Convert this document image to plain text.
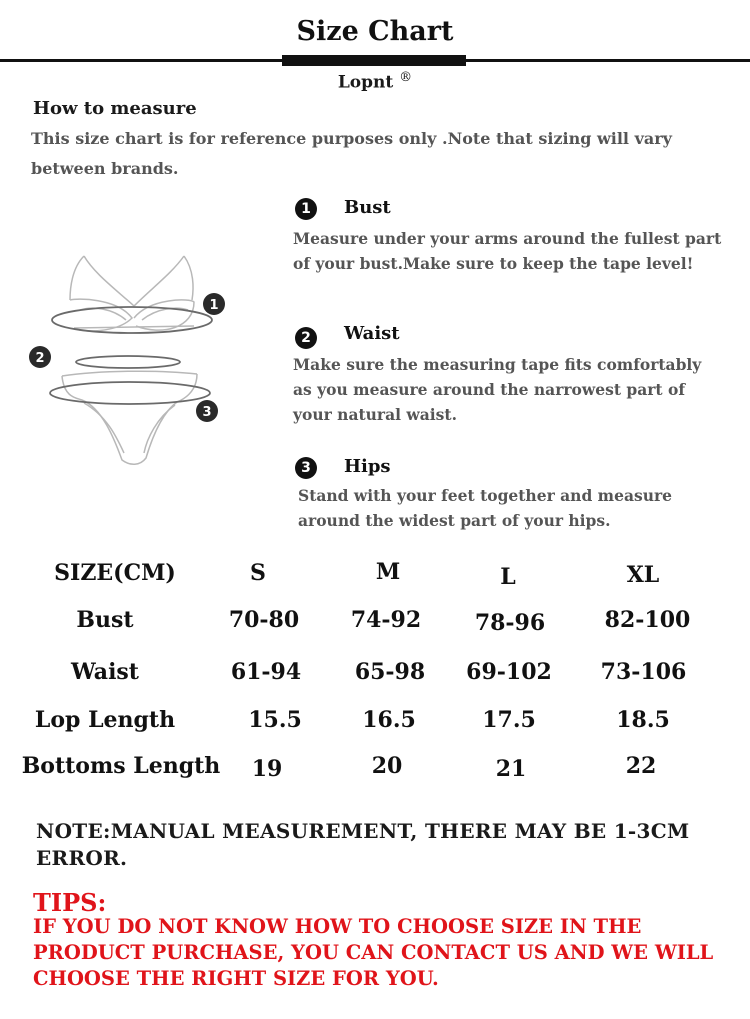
Size Chart
Lopnt ®
How to measure
This size chart is for reference purposes only .Note that sizing will vary between brands.
1
2
3
1	Bust
Measure under your arms around the fullest part of your bust.Make sure to keep the tape level!
2	Waist
Make sure the measuring tape fits comfortably as you measure around the narrowest part of your natural waist.
3	Hips
Stand with your feet together and measure around the widest part of your hips.
SIZE(CM)	S	M	L	XL
Bust	70-80	74-92	78-96	82-100
Waist	61-94	65-98	69-102	73-106
Lop Length	15.5	16.5	17.5	18.5
Bottoms Length	19	20	21	22
NOTE:MANUAL MEASUREMENT, THERE MAY BE 1-3CM ERROR.
TIPS:
IF YOU DO NOT KNOW HOW TO CHOOSE SIZE IN THE PRODUCT PURCHASE, YOU CAN CONTACT US AND WE WILL CHOOSE THE RIGHT SIZE FOR YOU.
